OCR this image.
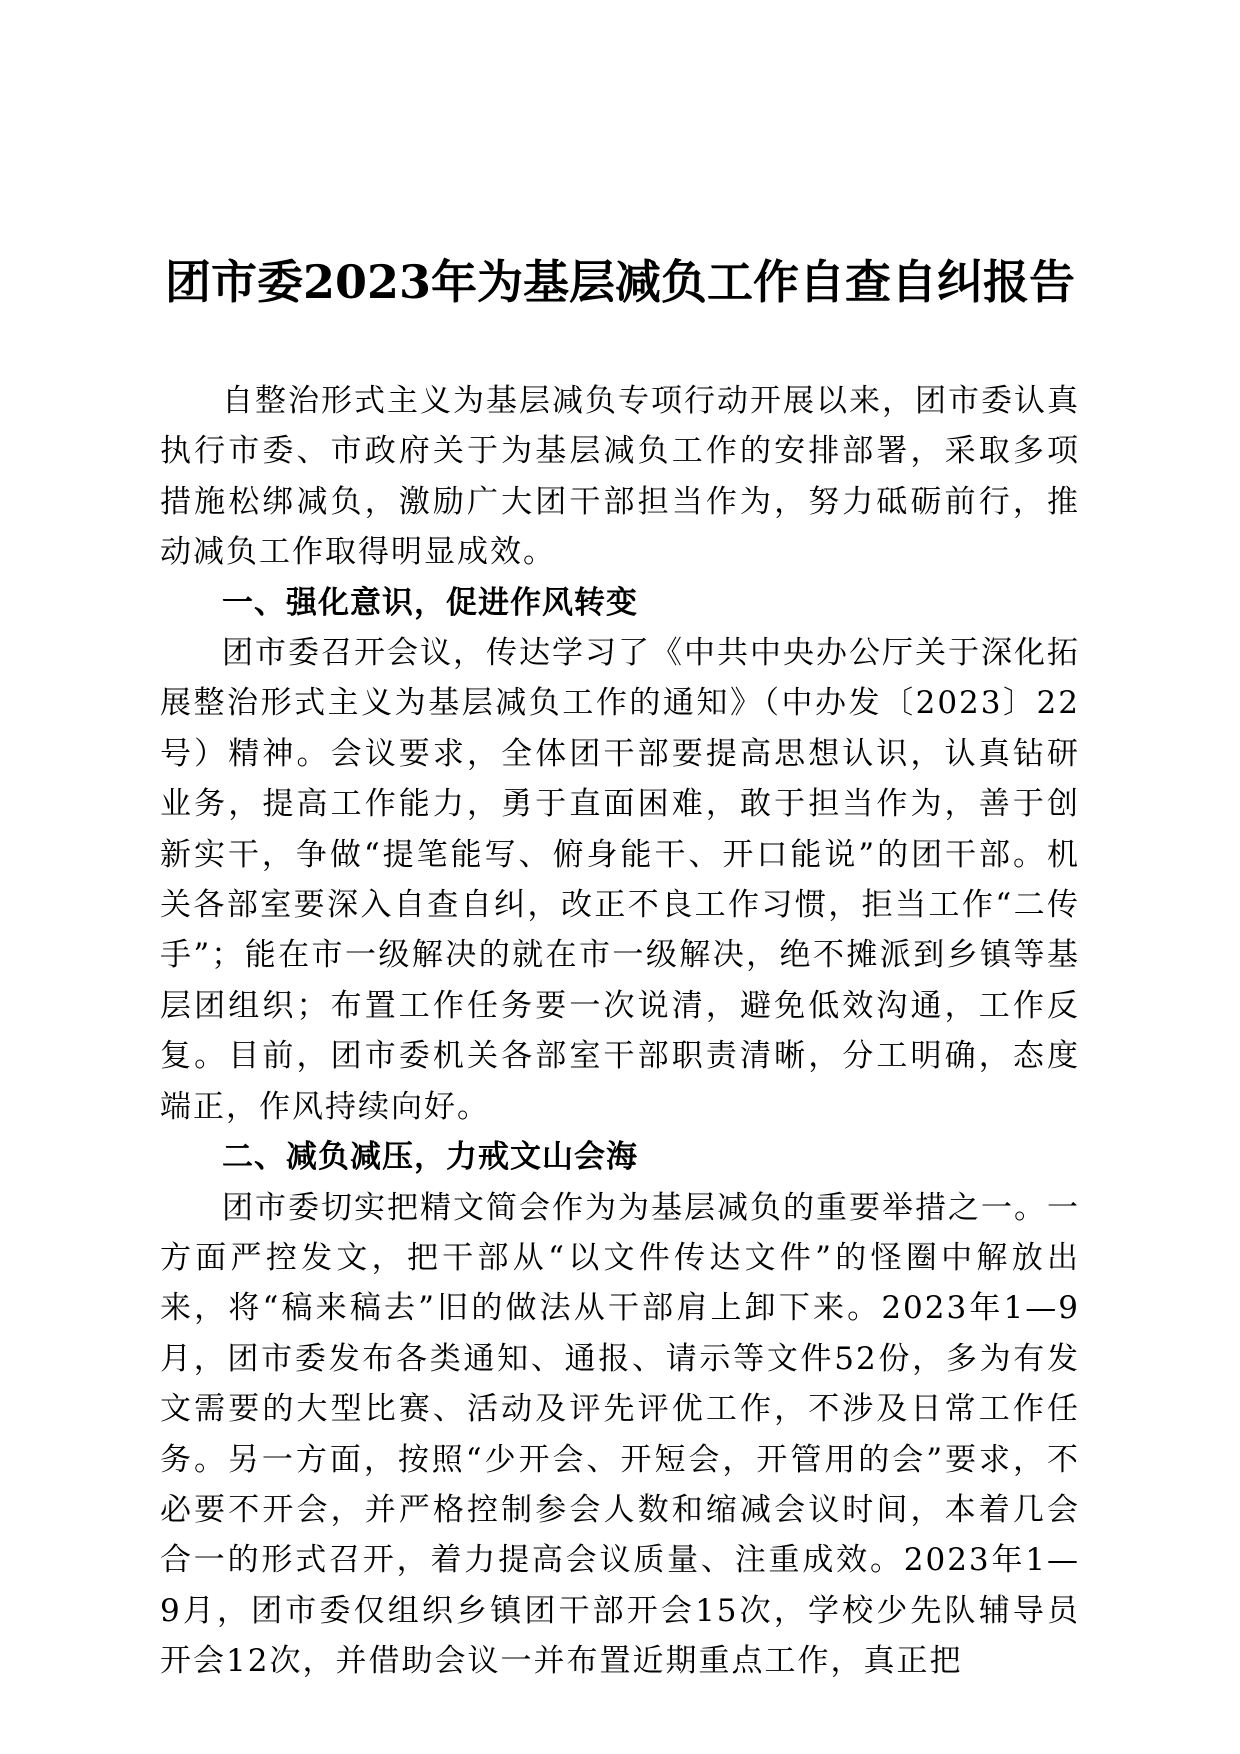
团市委2023年为基层减负工作自查自纠报告

自整治形式主义为基层减负专项行动开展以来，团市委认真执行市委、市政府关于为基层减负工作的安排部署，采取多项措施松绑减负，激励广大团干部担当作为，努力砥砺前行，推动减负工作取得明显成效。

一、强化意识，促进作风转变

团市委召开会议，传达学习了《中共中央办公厅关于深化拓展整治形式主义为基层减负工作的通知》（中办发〔2023〕22号）精神。会议要求，全体团干部要提高思想认识，认真钻研业务，提高工作能力，勇于直面困难，敢于担当作为，善于创新实干，争做“提笔能写、俯身能干、开口能说”的团干部。机关各部室要深入自查自纠，改正不良工作习惯，拒当工作“二传手”；能在市一级解决的就在市一级解决，绝不摊派到乡镇等基层团组织；布置工作任务要一次说清，避免低效沟通，工作反复。目前，团市委机关各部室干部职责清晰，分工明确，态度端正，作风持续向好。

二、减负减压，力戒文山会海

团市委切实把精文简会作为为基层减负的重要举措之一。一方面严控发文，把干部从“以文件传达文件”的怪圈中解放出来，将“稿来稿去”旧的做法从干部肩上卸下来。2023年1—9月，团市委发布各类通知、通报、请示等文件52份，多为有发文需要的大型比赛、活动及评先评优工作，不涉及日常工作任务。另一方面，按照“少开会、开短会，开管用的会”要求，不必要不开会，并严格控制参会人数和缩减会议时间，本着几会合一的形式召开，着力提高会议质量、注重成效。2023年1—9月，团市委仅组织乡镇团干部开会15次，学校少先队辅导员开会12次，并借助会议一并布置近期重点工作，真正把
